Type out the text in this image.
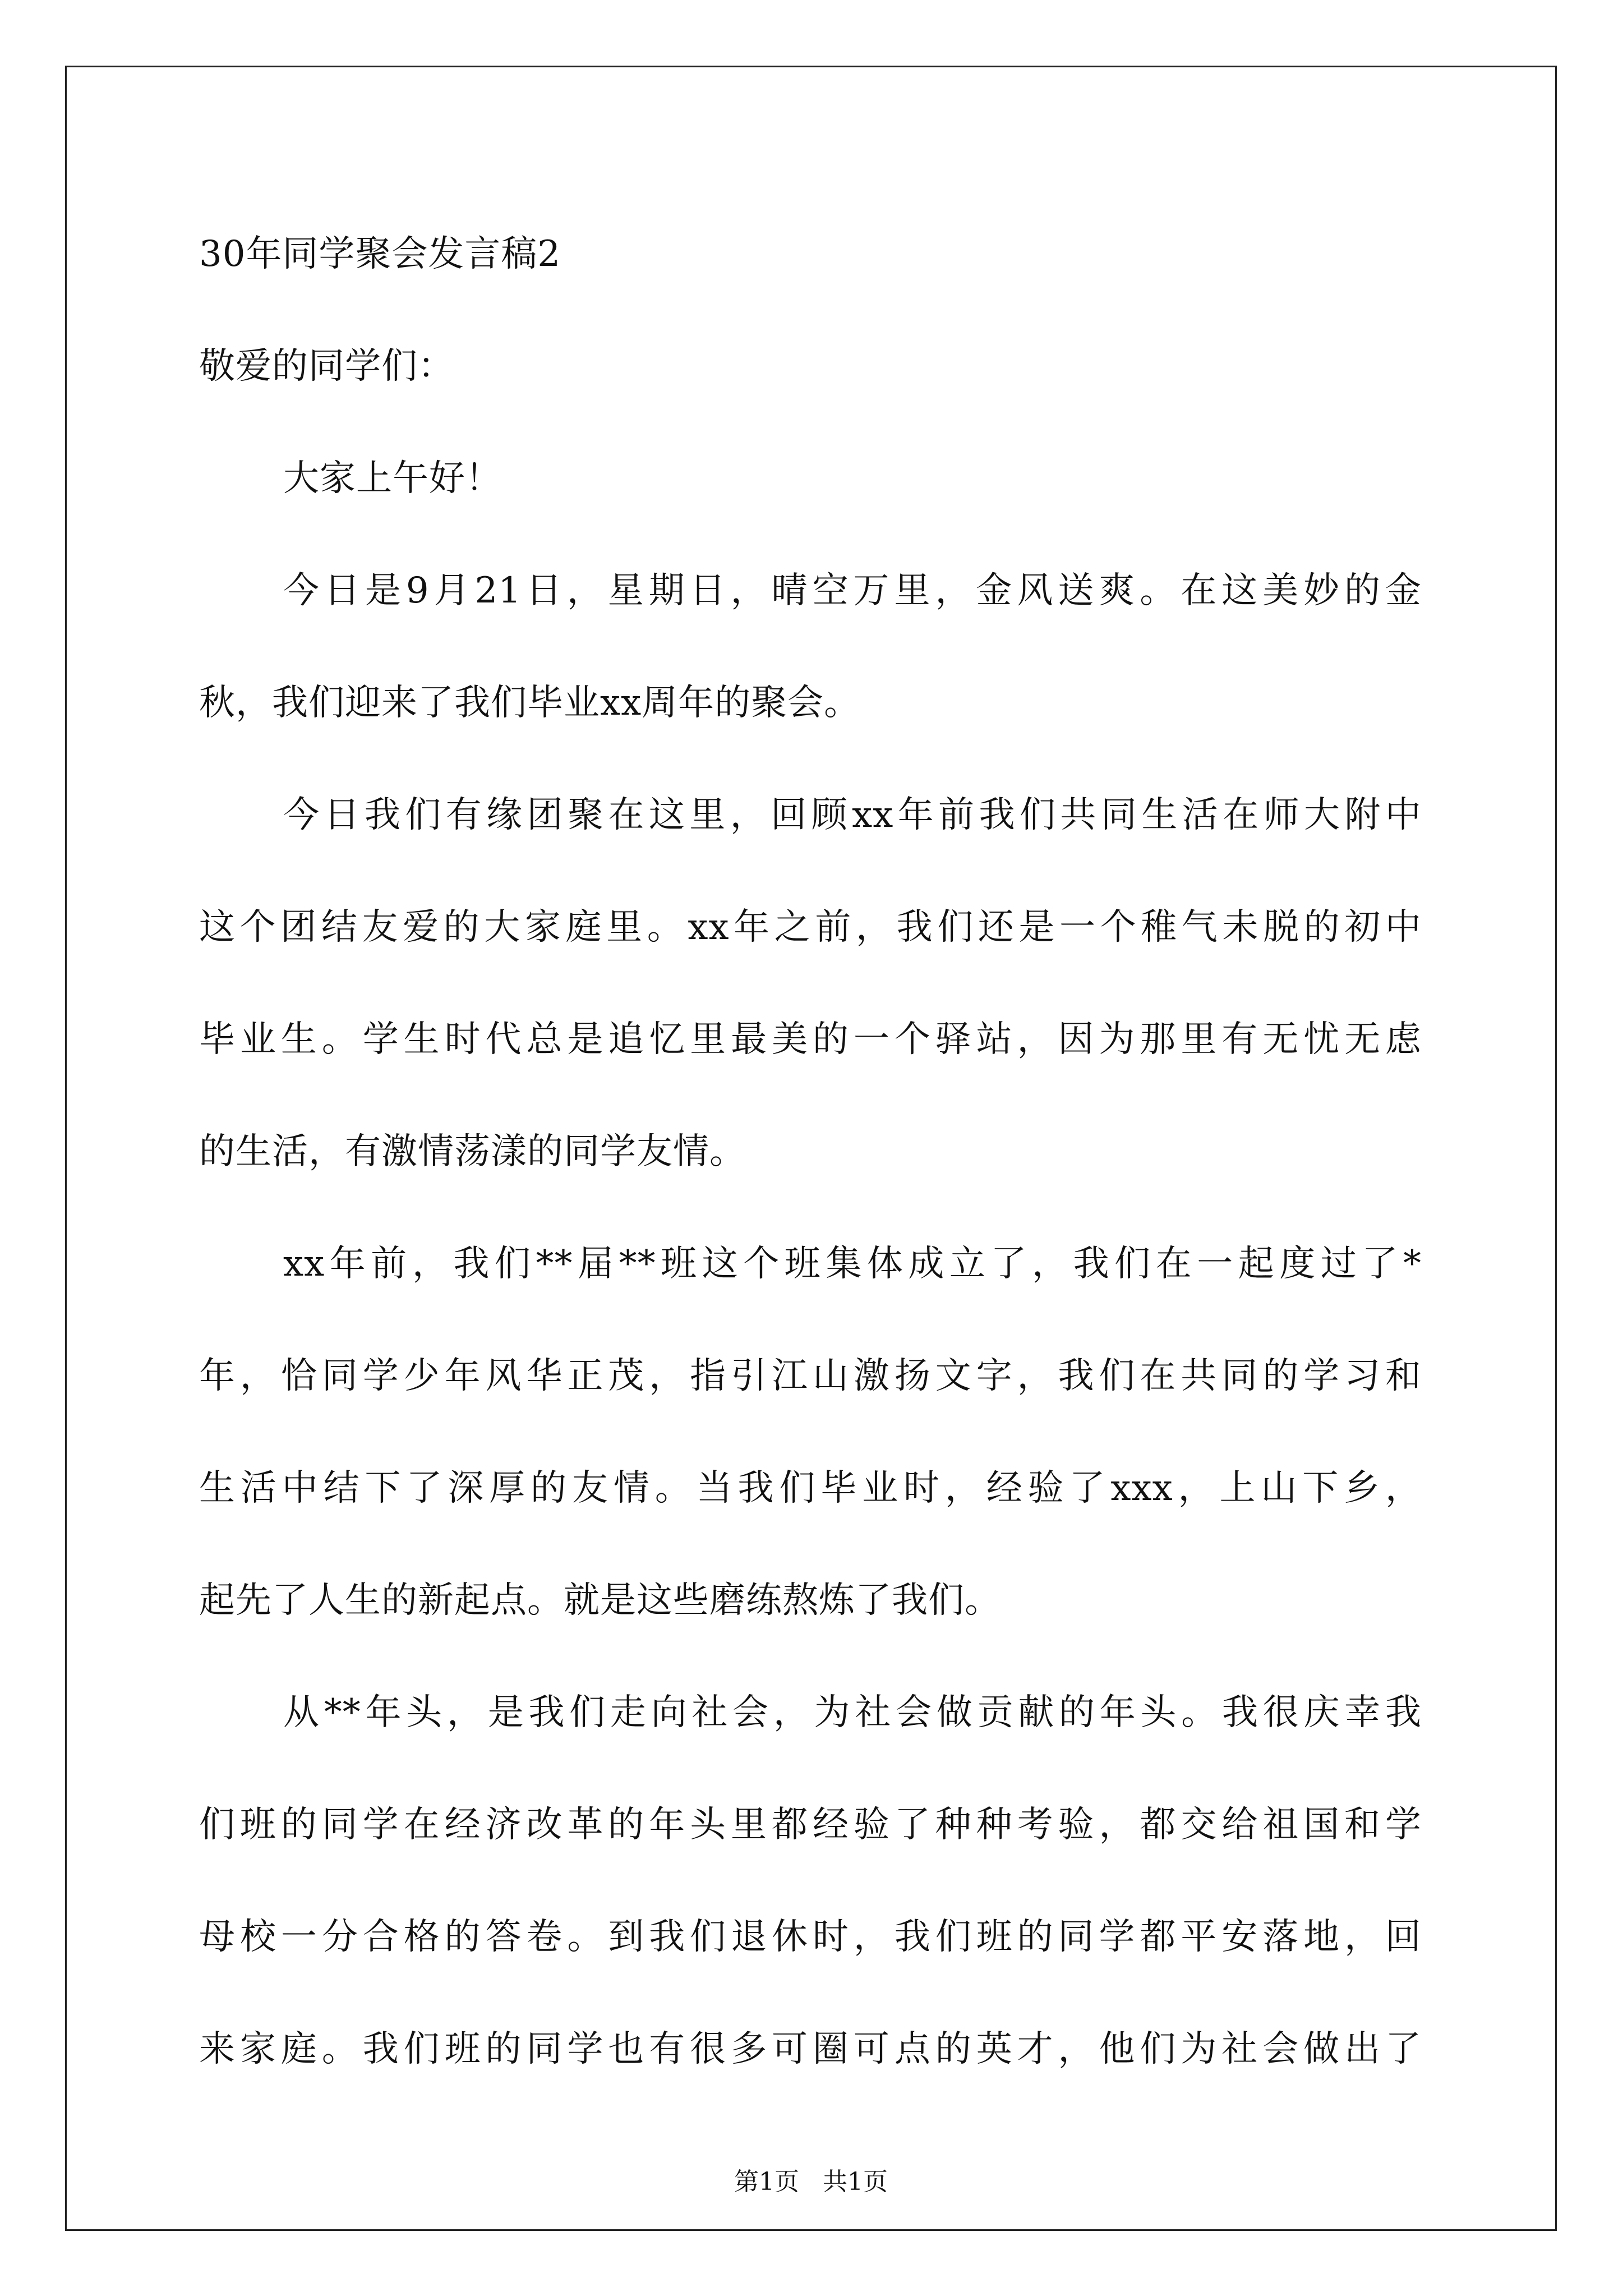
30年同学聚会发言稿2
敬爱的同学们：
大家上午好！
今日是9月21日，星期日，晴空万里，金风送爽。在这美妙的金
秋，我们迎来了我们毕业xx周年的聚会。
今日我们有缘团聚在这里，回顾xx年前我们共同生活在师大附中
这个团结友爱的大家庭里。xx年之前，我们还是一个稚气未脱的初中
毕业生。学生时代总是追忆里最美的一个驿站，因为那里有无忧无虑
的生活，有激情荡漾的同学友情。
xx年前，我们**届**班这个班集体成立了，我们在一起度过了*
年，恰同学少年风华正茂，指引江山激扬文字，我们在共同的学习和
生活中结下了深厚的友情。当我们毕业时，经验了xxx，上山下乡，
起先了人生的新起点。就是这些磨练熬炼了我们。
从**年头，是我们走向社会，为社会做贡献的年头。我很庆幸我
们班的同学在经济改革的年头里都经验了种种考验，都交给祖国和学
母校一分合格的答卷。到我们退休时，我们班的同学都平安落地，回
来家庭。我们班的同学也有很多可圈可点的英才，他们为社会做出了
第1页 共1页
